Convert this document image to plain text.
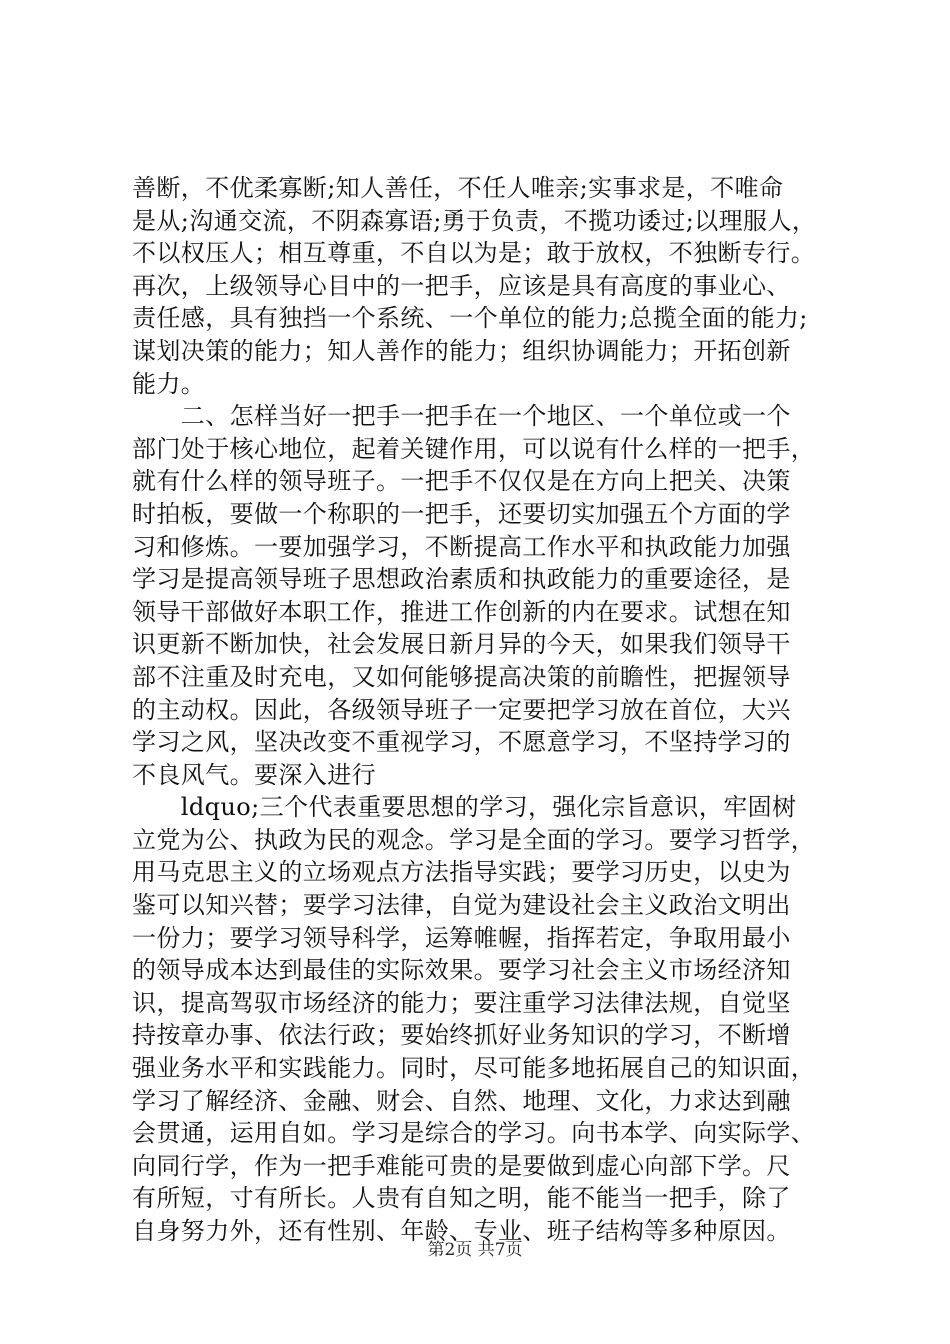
善断，不优柔寡断;知人善任，不任人唯亲;实事求是，不唯命
是从;沟通交流，不阴森寡语;勇于负责，不揽功诿过;以理服人，
不以权压人；相互尊重，不自以为是；敢于放权，不独断专行。
再次，上级领导心目中的一把手，应该是具有高度的事业心、
责任感，具有独挡一个系统、一个单位的能力;总揽全面的能力;
谋划决策的能力；知人善作的能力；组织协调能力；开拓创新
能力。
　　二、怎样当好一把手一把手在一个地区、一个单位或一个
部门处于核心地位，起着关键作用，可以说有什么样的一把手，
就有什么样的领导班子。一把手不仅仅是在方向上把关、决策
时拍板，要做一个称职的一把手，还要切实加强五个方面的学
习和修炼。一要加强学习，不断提高工作水平和执政能力加强
学习是提高领导班子思想政治素质和执政能力的重要途径，是
领导干部做好本职工作，推进工作创新的内在要求。试想在知
识更新不断加快，社会发展日新月异的今天，如果我们领导干
部不注重及时充电，又如何能够提高决策的前瞻性，把握领导
的主动权。因此，各级领导班子一定要把学习放在首位，大兴
学习之风，坚决改变不重视学习，不愿意学习，不坚持学习的
不良风气。要深入进行
　　ldquo;三个代表重要思想的学习，强化宗旨意识，牢固树
立党为公、执政为民的观念。学习是全面的学习。要学习哲学，
用马克思主义的立场观点方法指导实践；要学习历史，以史为
鉴可以知兴替；要学习法律，自觉为建设社会主义政治文明出
一份力；要学习领导科学，运筹帷幄，指挥若定，争取用最小
的领导成本达到最佳的实际效果。要学习社会主义市场经济知
识，提高驾驭市场经济的能力；要注重学习法律法规，自觉坚
持按章办事、依法行政；要始终抓好业务知识的学习，不断增
强业务水平和实践能力。同时，尽可能多地拓展自己的知识面，
学习了解经济、金融、财会、自然、地理、文化，力求达到融
会贯通，运用自如。学习是综合的学习。向书本学、向实际学、
向同行学，作为一把手难能可贵的是要做到虚心向部下学。尺
有所短，寸有所长。人贵有自知之明，能不能当一把手，除了
自身努力外，还有性别、年龄、专业、班子结构等多种原因。
第2页 共7页
